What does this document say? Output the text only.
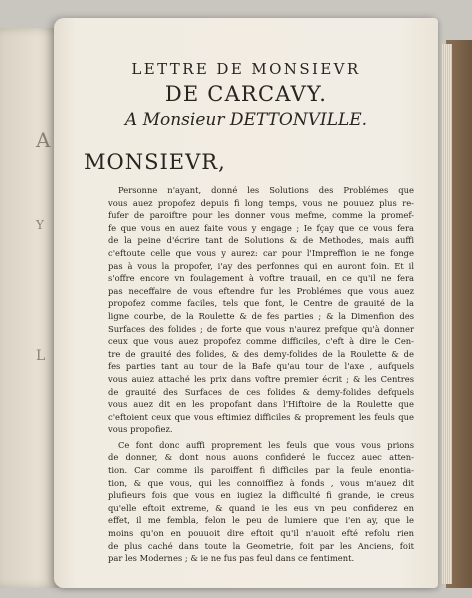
A
Y
L
LETTRE DE MONSIEVR
DE CARCAVY.
A Monsieur DETTONVILLE.
MONSIEVR,
Personne n'ayant, donné les Solutions des Problémes que
vous auez propofez depuis fi long temps, vous ne pouuez plus re-
fufer de paroiftre pour les donner vous mefme, comme la promef-
fe que vous en auez faite vous y engage ; Ie fçay que ce vous fera
de la peine d'écrire tant de Solutions & de Methodes, mais auffi
c'eftoute celle que vous y aurez: car pour l'Impreffion ie ne fonge
pas à vous la propofer, i'ay des perfonnes qui en auront foin. Et il
s'offre encore vn foulagement à voftre trauail, en ce qu'il ne fera
pas neceffaire de vous eftendre fur les Problémes que vous auez
propofez comme faciles, tels que font, le Centre de grauité de la
ligne courbe, de la Roulette & de fes parties ; & la Dimenfion des
Surfaces des folides ; de forte que vous n'aurez prefque qu'à donner
ceux que vous auez propofez comme difficiles, c'eft à dire le Cen-
tre de grauité des folides, & des demy-folides de la Roulette & de
fes parties tant au tour de la Bafe qu'au tour de l'axe , aufquels
vous auiez attaché les prix dans voftre premier écrit ; & les Centres
de grauité des Surfaces de ces folides & demy-folides defquels
vous auez dit en les propofant dans l'Hiftoire de la Roulette que
c'eftoient ceux que vous eftimiez difficiles & proprement les feuls que
vous propofiez.
Ce font donc auffi proprement les feuls que vous vous prions
de donner, & dont nous auons confideré le fuccez auec atten-
tion. Car comme ils paroiffent fi difficiles par la feule enontia-
tion, & que vous, qui les connoiffiez à fonds , vous m'auez dit
plufieurs fois que vous en iugiez la difficulté fi grande, ie creus
qu'elle eftoit extreme, & quand ie les eus vn peu confiderez en
effet, il me fembla, felon le peu de lumiere que i'en ay, que le
moins qu'on en pouuoit dire eftoit qu'il n'auoit efté refolu rien
de plus caché dans toute la Geometrie, foit par les Anciens, foit
par les Modernes ; & ie ne fus pas feul dans ce fentiment.
